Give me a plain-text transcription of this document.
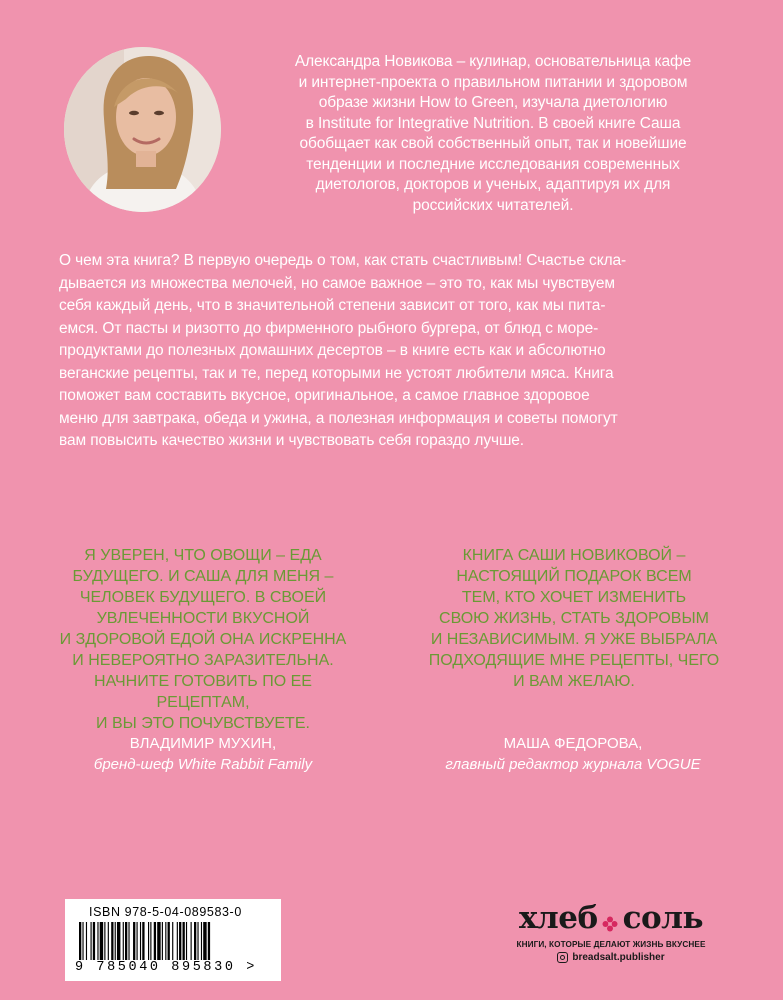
Александра Новикова – кулинар, основательница кафе
и интернет-проекта о правильном питании и здоровом
образе жизни How to Green, изучала диетологию
в Institute for Integrative Nutrition. В своей книге Саша
обобщает как свой собственный опыт, так и новейшие
тенденции и последние исследования современных
диетологов, докторов и ученых, адаптируя их для
российских читателей.
О чем эта книга? В первую очередь о том, как стать счастливым! Счастье скла-
дывается из множества мелочей, но самое важное – это то, как мы чувствуем
себя каждый день, что в значительной степени зависит от того, как мы пита-
емся. От пасты и ризотто до фирменного рыбного бургера, от блюд с море-
продуктами до полезных домашних десертов – в книге есть как и абсолютно
веганские рецепты, так и те, перед которыми не устоят любители мяса. Книга
поможет вам составить вкусное, оригинальное, а самое главное здоровое
меню для завтрака, обеда и ужина, а полезная информация и советы помогут
вам повысить качество жизни и чувствовать себя гораздо лучше.
Я УВЕРЕН, ЧТО ОВОЩИ – ЕДА
БУДУЩЕГО. И САША ДЛЯ МЕНЯ –
ЧЕЛОВЕК БУДУЩЕГО. В СВОЕЙ
УВЛЕЧЕННОСТИ ВКУСНОЙ
И ЗДОРОВОЙ ЕДОЙ ОНА ИСКРЕННА
И НЕВЕРОЯТНО ЗАРАЗИТЕЛЬНА.
НАЧНИТЕ ГОТОВИТЬ ПО ЕЕ РЕЦЕПТАМ,
И ВЫ ЭТО ПОЧУВСТВУЕТЕ.
КНИГА САШИ НОВИКОВОЙ –
НАСТОЯЩИЙ ПОДАРОК ВСЕМ
ТЕМ, КТО ХОЧЕТ ИЗМЕНИТЬ
СВОЮ ЖИЗНЬ, СТАТЬ ЗДОРОВЫМ
И НЕЗАВИСИМЫМ. Я УЖЕ ВЫБРАЛА
ПОДХОДЯЩИЕ МНЕ РЕЦЕПТЫ, ЧЕГО
И ВАМ ЖЕЛАЮ.
ВЛАДИМИР МУХИН,
бренд-шеф White Rabbit Family
МАША ФЕДОРОВА,
главный редактор журнала VOGUE
ISBN 978-5-04-089583-0
9 785040 895830 >
хлеб соль
КНИГИ, КОТОРЫЕ ДЕЛАЮТ ЖИЗНЬ ВКУСНЕЕ
breadsalt.publisher
